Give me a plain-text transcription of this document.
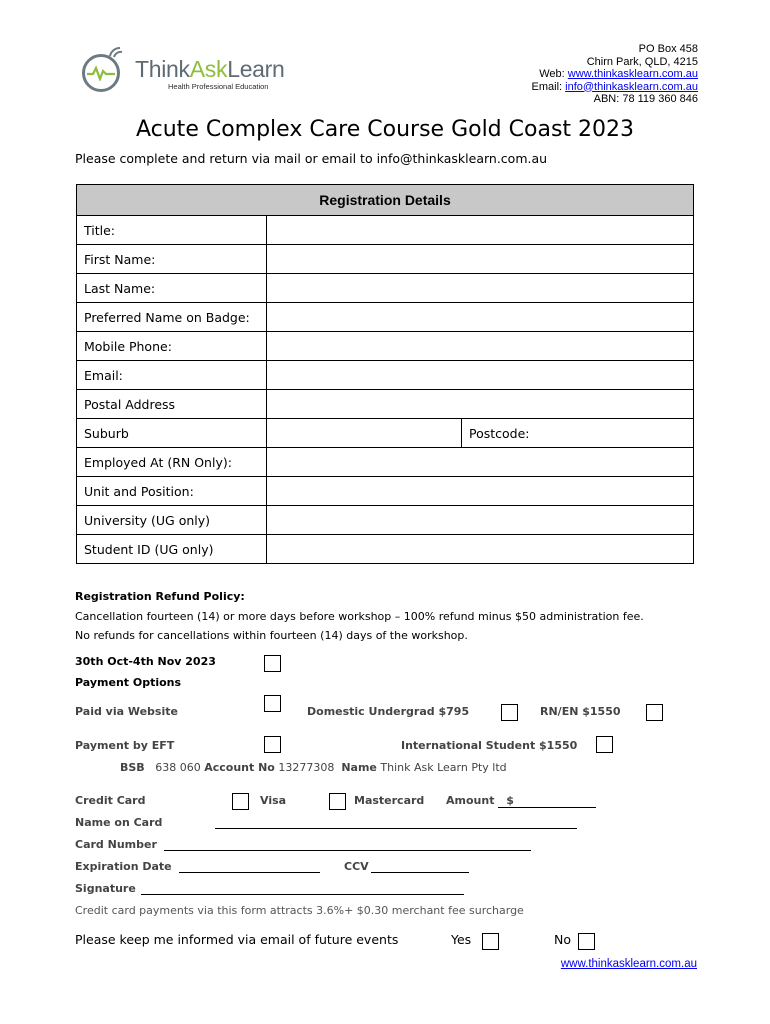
ThinkAskLearn
Health Professional Education
PO Box 458
Chirn Park, QLD, 4215
Web: www.thinkasklearn.com.au
Email: info@thinkasklearn.com.au
ABN: 78 119 360 846
Acute Complex Care Course Gold Coast 2023
Please complete and return via mail or email to info@thinkasklearn.com.au
Registration Details		
Title:		
First Name:		
Last Name:		
Preferred Name on Badge:		
Mobile Phone:		
Email:		
Postal Address		
Suburb		Postcode:
Employed At (RN Only):		
Unit and Position:		
University (UG only)		
Student ID (UG only)		
Registration Refund Policy:
Cancellation fourteen (14) or more days before workshop – 100% refund minus $50 administration fee.
No refunds for cancellations within fourteen (14) days of the workshop.
30th Oct-4th Nov 2023
Payment Options
Paid via Website	Domestic Undergrad $795	RN/EN $1550
Payment by EFT	International Student $1550
BSB 638 060 Account No 13277308 Name Think Ask Learn Pty ltd
Credit Card	Visa	Mastercard Amount $
Name on Card
Card Number
Expiration Date	CCV
Signature
Credit card payments via this form attracts 3.6%+ $0.30 merchant fee surcharge
Please keep me informed via email of future events	Yes	No
www.thinkasklearn.com.au
